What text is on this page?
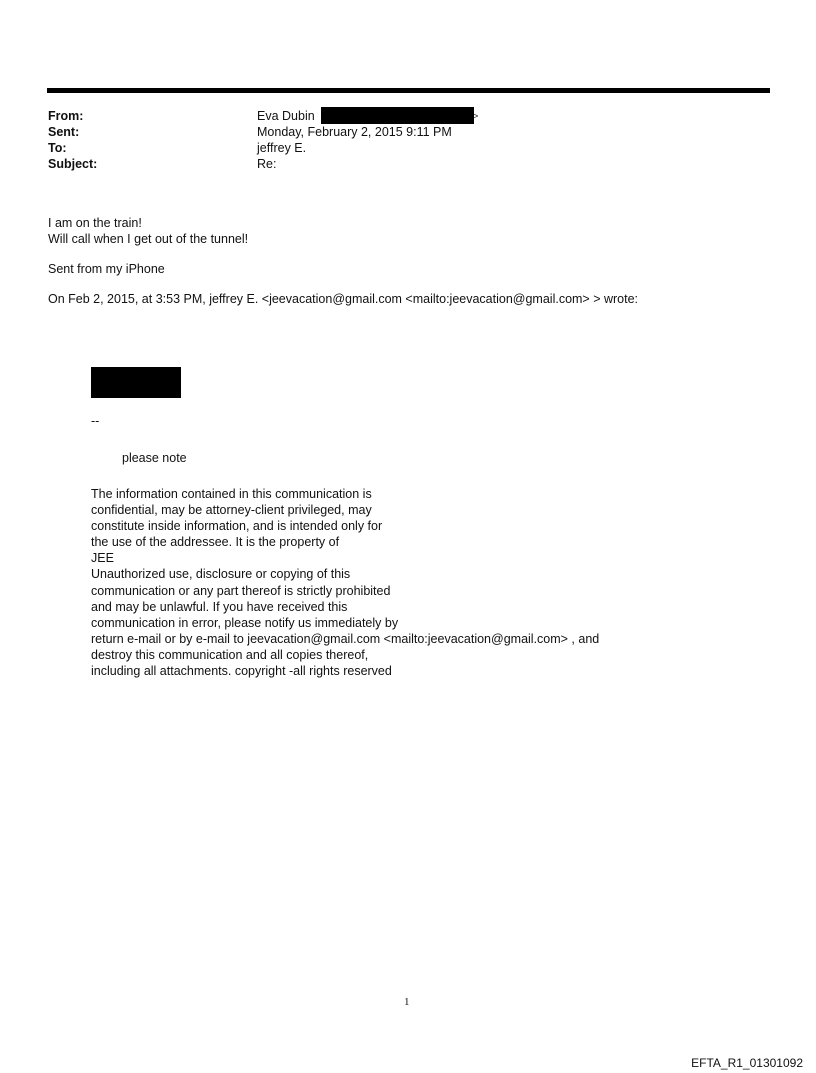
From:	Eva Dubin	>
Sent:	Monday, February 2, 2015 9:11 PM
To:	jeffrey E.
Subject:	Re:
I am on the train!
Will call when I get out of the tunnel!
Sent from my iPhone
On Feb 2, 2015, at 3:53 PM, jeffrey E. <jeevacation@gmail.com <mailto:jeevacation@gmail.com> > wrote:
--
please note
The information contained in this communication is
confidential, may be attorney-client privileged, may
constitute inside information, and is intended only for
the use of the addressee. It is the property of
JEE
Unauthorized use, disclosure or copying of this
communication or any part thereof is strictly prohibited
and may be unlawful. If you have received this
communication in error, please notify us immediately by
return e-mail or by e-mail to jeevacation@gmail.com <mailto:jeevacation@gmail.com> , and
destroy this communication and all copies thereof,
including all attachments. copyright -all rights reserved
1
EFTA_R1_01301092
